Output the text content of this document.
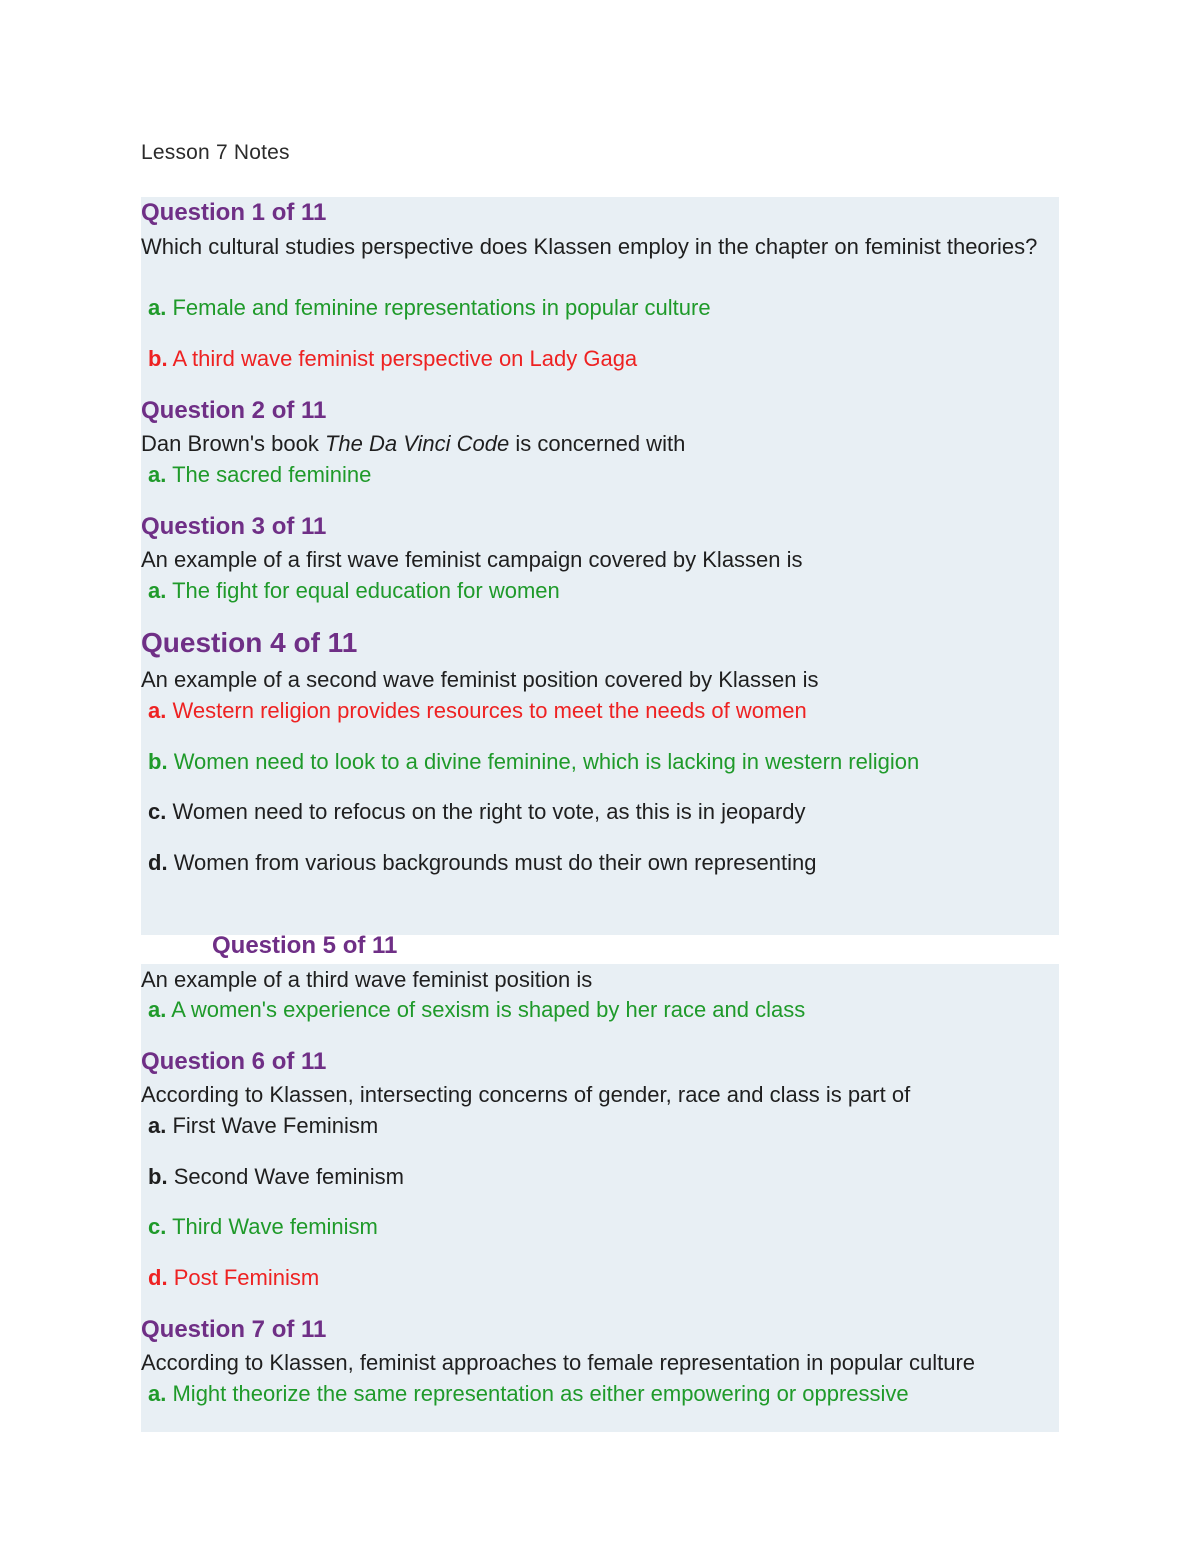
Lesson 7 Notes
Question 1 of 11
Which cultural studies perspective does Klassen employ in the chapter on feminist theories?
a. Female and feminine representations in popular culture
b. A third wave feminist perspective on Lady Gaga
Question 2 of 11
Dan Brown's book The Da Vinci Code is concerned with
a. The sacred feminine
Question 3 of 11
An example of a first wave feminist campaign covered by Klassen is
a. The fight for equal education for women
Question 4 of 11
An example of a second wave feminist position covered by Klassen is
a. Western religion provides resources to meet the needs of women
b. Women need to look to a divine feminine, which is lacking in western religion
c. Women need to refocus on the right to vote, as this is in jeopardy
d. Women from various backgrounds must do their own representing
Question 5 of 11
An example of a third wave feminist position is
a. A women's experience of sexism is shaped by her race and class
Question 6 of 11
According to Klassen, intersecting concerns of gender, race and class is part of
a. First Wave Feminism
b. Second Wave feminism
c. Third Wave feminism
d. Post Feminism
Question 7 of 11
According to Klassen, feminist approaches to female representation in popular culture
a. Might theorize the same representation as either empowering or oppressive
